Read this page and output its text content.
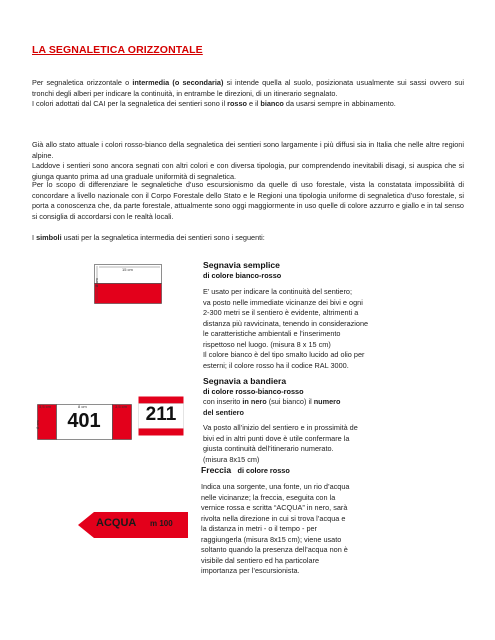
LA SEGNALETICA ORIZZONTALE

Per segnaletica orizzontale o intermedia (o secondaria) si intende quella al suolo, posizionata usualmente sui sassi ovvero sui tronchi degli alberi per indicare la continuità, in entrambe le direzioni, di un itinerario segnalato.
I colori adottati dal CAI per la segnaletica dei sentieri sono il rosso e il bianco da usarsi sempre in abbinamento.

Già allo stato attuale i colori rosso-bianco della segnaletica dei sentieri sono largamente i più diffusi sia in Italia che nelle altre regioni alpine.
Laddove i sentieri sono ancora segnati con altri colori e con diversa tipologia, pur comprendendo inevitabili disagi, si auspica che si giunga quanto prima ad una graduale uniformità di segnaletica.

Per lo scopo di differenziare le segnaletiche d’uso escursionismo da quelle di uso forestale, vista la constatata impossibilità di concordare a livello nazionale con il Corpo Forestale dello Stato e le Regioni una tipologia uniforme di segnaletica d’uso forestale, si porta a conoscenza che, da parte forestale, attualmente sono oggi maggiormente in uso quelle di colore azzurro e giallo e in tal senso si consiglia di accordarsi con le realtà locali.

I simboli usati per la segnaletica intermedia dei sentieri sono i seguenti:

15 cm
8 cm

Segnavia semplice

di colore bianco-rosso

E’ usato per indicare la continuità del sentiero;

va posto nelle immediate vicinanze dei bivi e ogni

2-300 metri se il sentiero è evidente, altrimenti a

distanza più ravvicinata, tenendo in considerazione

le caratteristiche ambientali e l’inserimento

rispettoso nel luogo. (misura 8 x 15 cm)

Il colore bianco è del tipo smalto lucido ad olio per

esterni; il colore rosso ha il codice RAL 3000.

3,5 cm	8 cm	3,5 cm
8 cm	401	211

Segnavia a bandiera

di colore rosso-bianco-rosso

con inserito in nero (sui bianco) il numero del sentiero

Va posto all’inizio del sentiero e in prossimità de

bivi ed in altri punti dove è utile confermare la

giusta continuità dell’itinerario numerato.

(misura 8x15 cm)

ACQUA m 100

Freccia di colore rosso

Indica una sorgente, una fonte, un rio d’acqua

nelle vicinanze; la freccia, eseguita con la

vernice rossa e scritta “ACQUA” in nero, sarà

rivolta nella direzione in cui si trova l’acqua e

la distanza in metri - o il tempo - per

raggiungerla (misura 8x15 cm); viene usato

soltanto quando la presenza dell’acqua non è

visibile dal sentiero ed ha particolare

importanza per l’escursionista.
